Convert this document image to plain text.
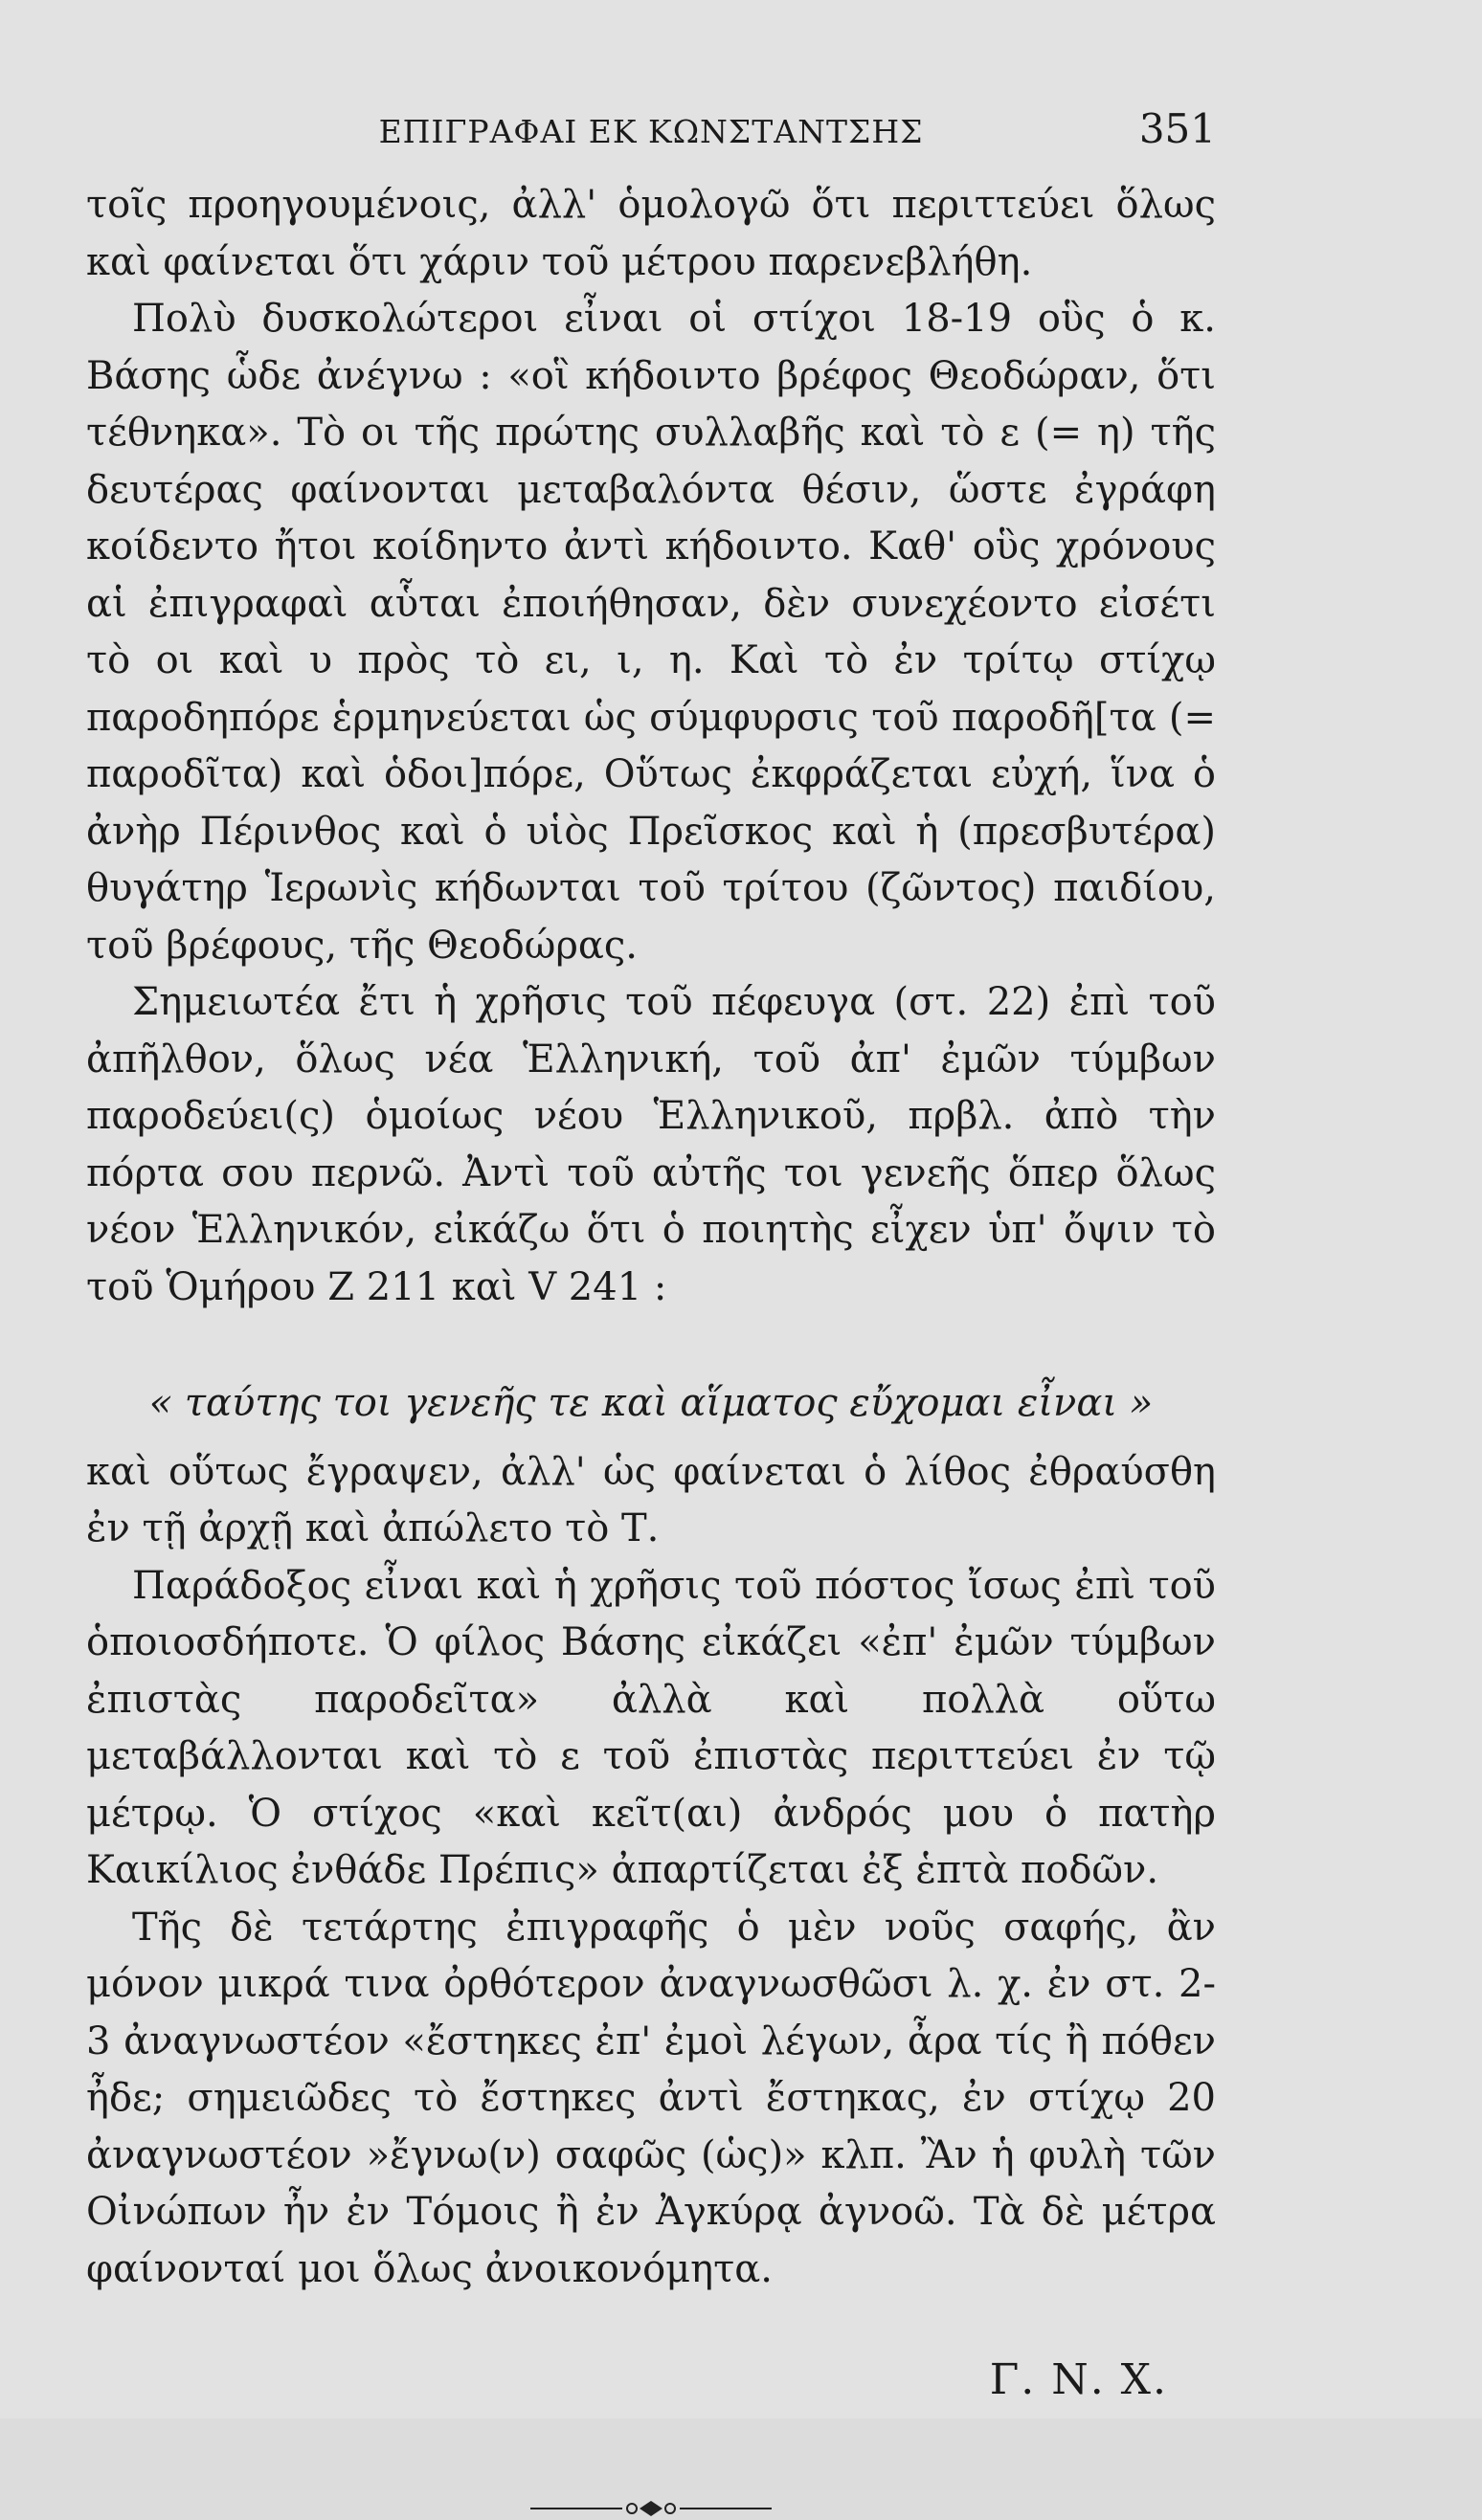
ΕΠΙΓΡΑΦΑΙ ΕΚ ΚΩΝΣΤΑΝΤΣΗΣ	351

τοῖς προηγουμένοις, ἀλλ' ὁμολογῶ ὅτι περιττεύει ὅλως καὶ φαίνεται ὅτι χάριν τοῦ μέτρου παρενεβλήθη.

Πολὺ δυσκολώτεροι εἶναι οἱ στίχοι 18-19 οὓς ὁ κ. Βάσης ὧδε ἀνέγνω : «οἳ κήδοιντο βρέφος Θεοδώραν, ὅτι τέθνηκα». Τὸ οι τῆς πρώτης συλλαβῆς καὶ τὸ ε (= η) τῆς δευτέρας φαίνονται μεταβαλόντα θέσιν, ὥστε ἐγράφη κοίδεντο ἤτοι κοίδηντο ἀντὶ κήδοιντο. Καθ' οὓς χρόνους αἱ ἐπιγραφαὶ αὗται ἐποιήθησαν, δὲν συνεχέοντο εἰσέτι τὸ οι καὶ υ πρὸς τὸ ει, ι, η. Καὶ τὸ ἐν τρίτῳ στίχῳ παροδηπόρε ἑρμηνεύεται ὡς σύμφυρσις τοῦ παροδῆ[τα (= παροδῖτα) καὶ ὁδοι]πόρε, Οὕτως ἐκφράζεται εὐχή, ἵνα ὁ ἀνὴρ Πέρινθος καὶ ὁ υἱὸς Πρεῖσκος καὶ ἡ (πρεσβυτέρα) θυγάτηρ Ἱερωνὶς κήδωνται τοῦ τρίτου (ζῶντος) παιδίου, τοῦ βρέφους, τῆς Θεοδώρας.

Σημειωτέα ἔτι ἡ χρῆσις τοῦ πέφευγα (στ. 22) ἐπὶ τοῦ ἀπῆλθον, ὅλως νέα Ἑλληνική, τοῦ ἀπ' ἐμῶν τύμβων παροδεύει(ς) ὁμοίως νέου Ἑλληνικοῦ, πρβλ. ἀπὸ τὴν πόρτα σου περνῶ. Ἀντὶ τοῦ αὐτῆς τοι γενεῆς ὅπερ ὅλως νέον Ἑλληνικόν, εἰκάζω ὅτι ὁ ποιητὴς εἶχεν ὑπ' ὄψιν τὸ τοῦ Ὁμήρου Ζ 211 καὶ V 241 :

« ταύτης τοι γενεῆς τε καὶ αἵματος εὔχομαι εἶναι »

καὶ οὕτως ἔγραψεν, ἀλλ' ὡς φαίνεται ὁ λίθος ἐθραύσθη ἐν τῇ ἀρχῇ καὶ ἀπώλετο τὸ Τ.

Παράδοξος εἶναι καὶ ἡ χρῆσις τοῦ πόστος ἴσως ἐπὶ τοῦ ὁποιοσδήποτε. Ὁ φίλος Βάσης εἰκάζει «ἐπ' ἐμῶν τύμβων ἐπιστὰς παροδεῖτα» ἀλλὰ καὶ πολλὰ οὕτω μεταβάλλονται καὶ τὸ ε τοῦ ἐπιστὰς περιττεύει ἐν τῷ μέτρῳ. Ὁ στίχος «καὶ κεῖτ(αι) ἀνδρός μου ὁ πατὴρ Καικίλιος ἐνθάδε Πρέπις» ἀπαρτίζεται ἐξ ἑπτὰ ποδῶν.

Τῆς δὲ τετάρτης ἐπιγραφῆς ὁ μὲν νοῦς σαφής, ἂν μόνον μικρά τινα ὀρθότερον ἀναγνωσθῶσι λ. χ. ἐν στ. 2-3 ἀναγνωστέον «ἔστηκες ἐπ' ἐμοὶ λέγων, ἆρα τίς ἢ πόθεν ἦδε; σημειῶδες τὸ ἔστηκες ἀντὶ ἔστηκας, ἐν στίχῳ 20 ἀναγνωστέον »ἔγνω(ν) σαφῶς (ὡς)» κλπ. Ἂν ἡ φυλὴ τῶν Οἰνώπων ἦν ἐν Τόμοις ἢ ἐν Ἀγκύρᾳ ἀγνοῶ. Τὰ δὲ μέτρα φαίνονταί μοι ὅλως ἀνοικονόμητα.

Γ. Ν. Χ.
